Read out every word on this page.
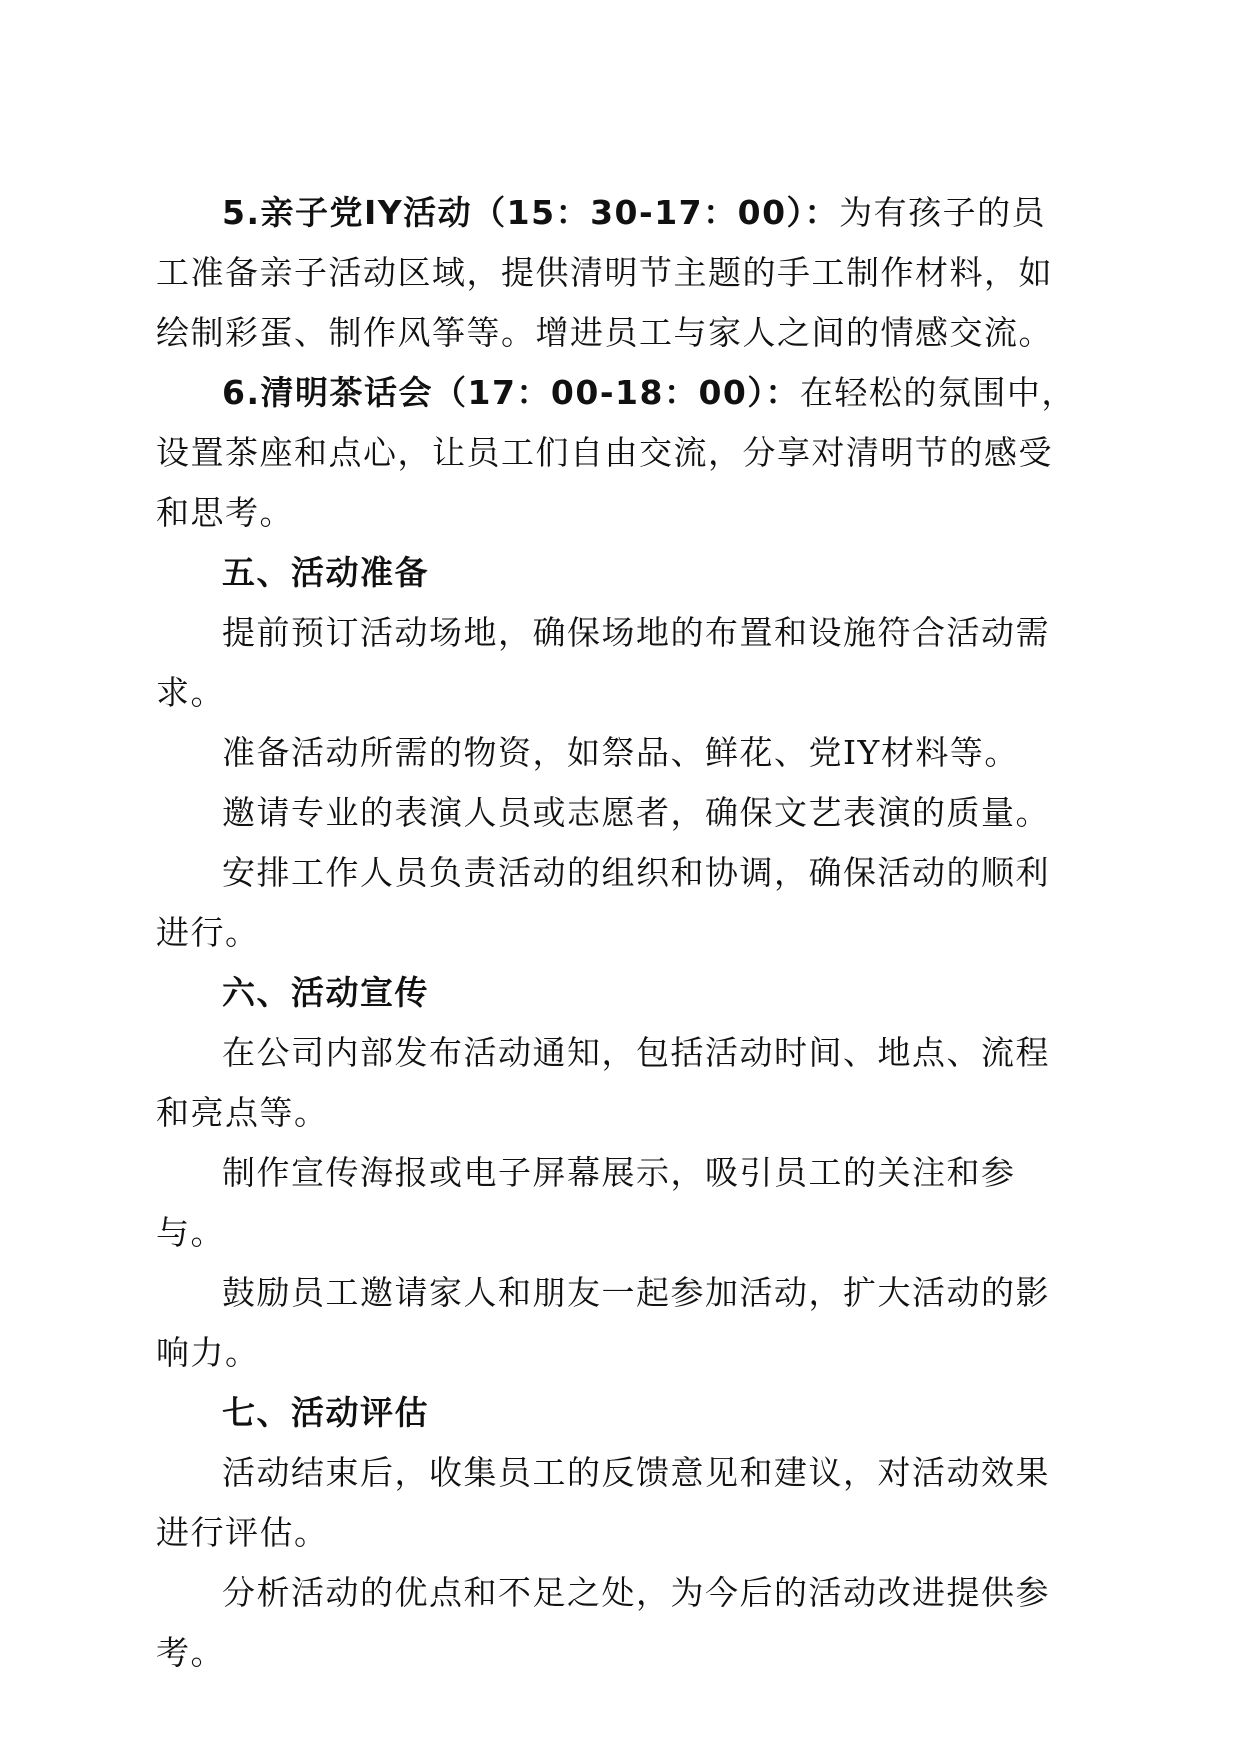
5.亲子党IY活动（15：30-17：00）：为有孩子的员工准备亲子活动区域，提供清明节主题的手工制作材料，如绘制彩蛋、制作风筝等。增进员工与家人之间的情感交流。

6.清明茶话会（17：00-18：00）：在轻松的氛围中，设置茶座和点心，让员工们自由交流，分享对清明节的感受和思考。

五、活动准备

提前预订活动场地，确保场地的布置和设施符合活动需求。

准备活动所需的物资，如祭品、鲜花、党IY材料等。

邀请专业的表演人员或志愿者，确保文艺表演的质量。

安排工作人员负责活动的组织和协调，确保活动的顺利进行。

六、活动宣传

在公司内部发布活动通知，包括活动时间、地点、流程和亮点等。

制作宣传海报或电子屏幕展示，吸引员工的关注和参与。

鼓励员工邀请家人和朋友一起参加活动，扩大活动的影响力。

七、活动评估

活动结束后，收集员工的反馈意见和建议，对活动效果进行评估。

分析活动的优点和不足之处，为今后的活动改进提供参考。
